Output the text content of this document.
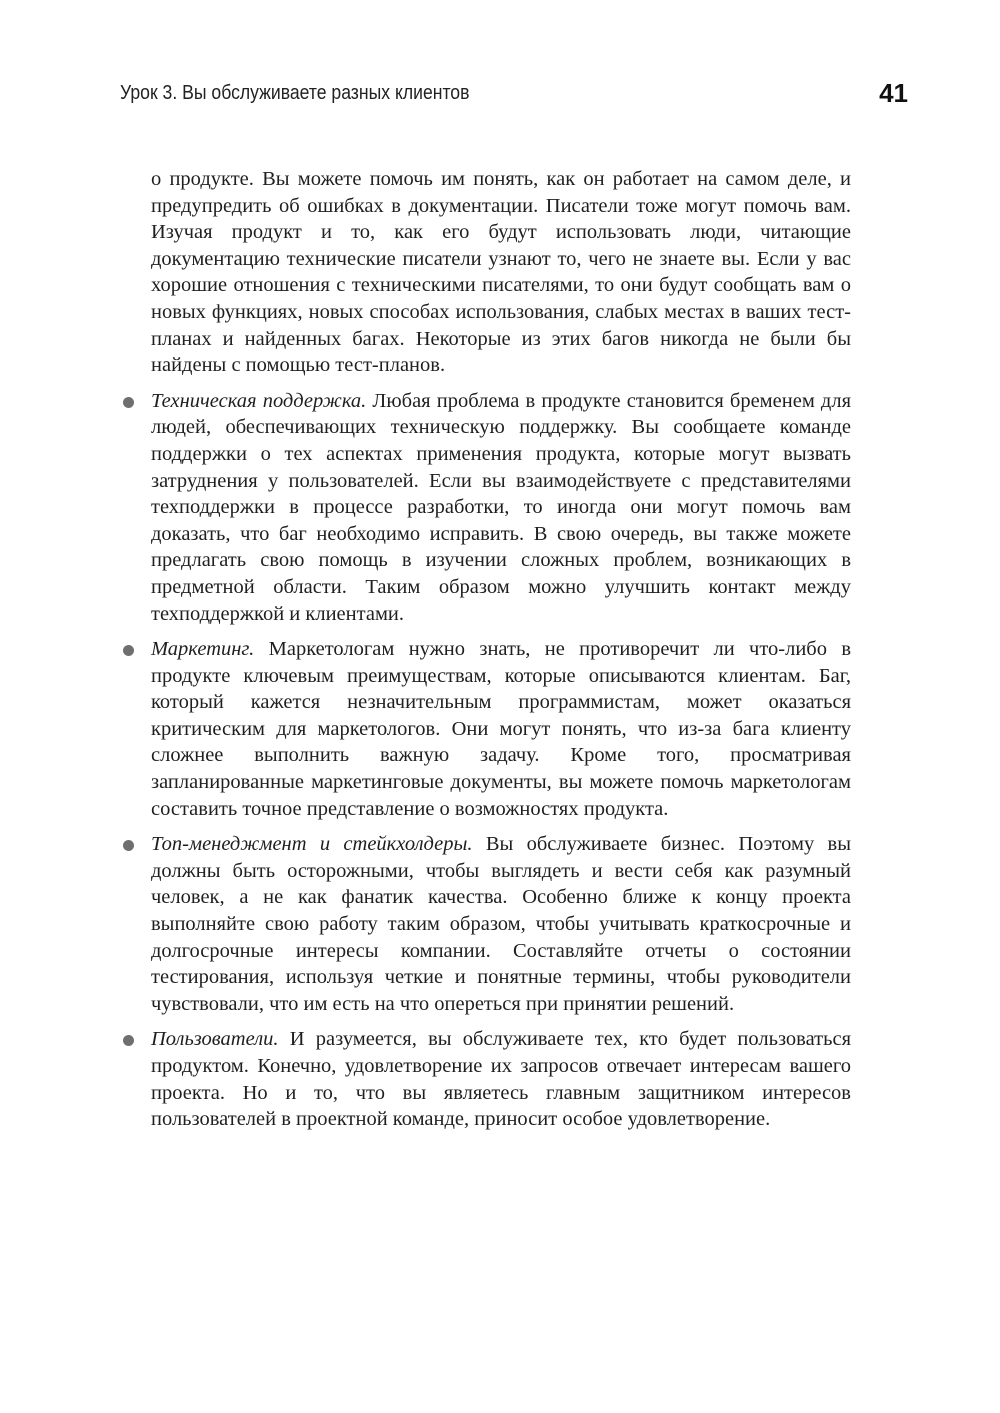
Урок 3. Вы обслуживаете разных клиентов	41

о продукте. Вы можете помочь им понять, как он работает на самом деле, и предупредить об ошибках в документации. Писатели тоже могут помочь вам. Изучая продукт и то, как его будут использовать люди, читающие документацию технические писатели узнают то, чего не знаете вы. Если у вас хорошие отношения с техническими писателями, то они будут сообщать вам о новых функциях, новых способах использования, слабых местах в ваших тест-планах и найденных багах. Некоторые из этих багов никогда не были бы найдены с помощью тест-планов.

Техническая поддержка. Любая проблема в продукте становится бременем для людей, обеспечивающих техническую поддержку. Вы сообщаете команде поддержки о тех аспектах применения продукта, которые могут вызвать затруднения у пользователей. Если вы взаимодействуете с представителями техподдержки в процессе разработки, то иногда они могут помочь вам доказать, что баг необходимо исправить. В свою очередь, вы также можете предлагать свою помощь в изучении сложных проблем, возникающих в предметной области. Таким образом можно улучшить контакт между техподдержкой и клиентами.

Маркетинг. Маркетологам нужно знать, не противоречит ли что-либо в продукте ключевым преимуществам, которые описываются клиентам. Баг, который кажется незначительным программистам, может оказаться критическим для маркетологов. Они могут понять, что из-за бага клиенту сложнее выполнить важную задачу. Кроме того, просматривая запланированные маркетинговые документы, вы можете помочь маркетологам составить точное представление о возможностях продукта.

Топ-менеджмент и стейкхолдеры. Вы обслуживаете бизнес. Поэтому вы должны быть осторожными, чтобы выглядеть и вести себя как разумный человек, а не как фанатик качества. Особенно ближе к концу проекта выполняйте свою работу таким образом, чтобы учитывать краткосрочные и долгосрочные интересы компании. Составляйте отчеты о состоянии тестирования, используя четкие и понятные термины, чтобы руководители чувствовали, что им есть на что опереться при принятии решений.

Пользователи. И разумеется, вы обслуживаете тех, кто будет пользоваться продуктом. Конечно, удовлетворение их запросов отвечает интересам вашего проекта. Но и то, что вы являетесь главным защитником интересов пользователей в проектной команде, приносит особое удовлетворение.
